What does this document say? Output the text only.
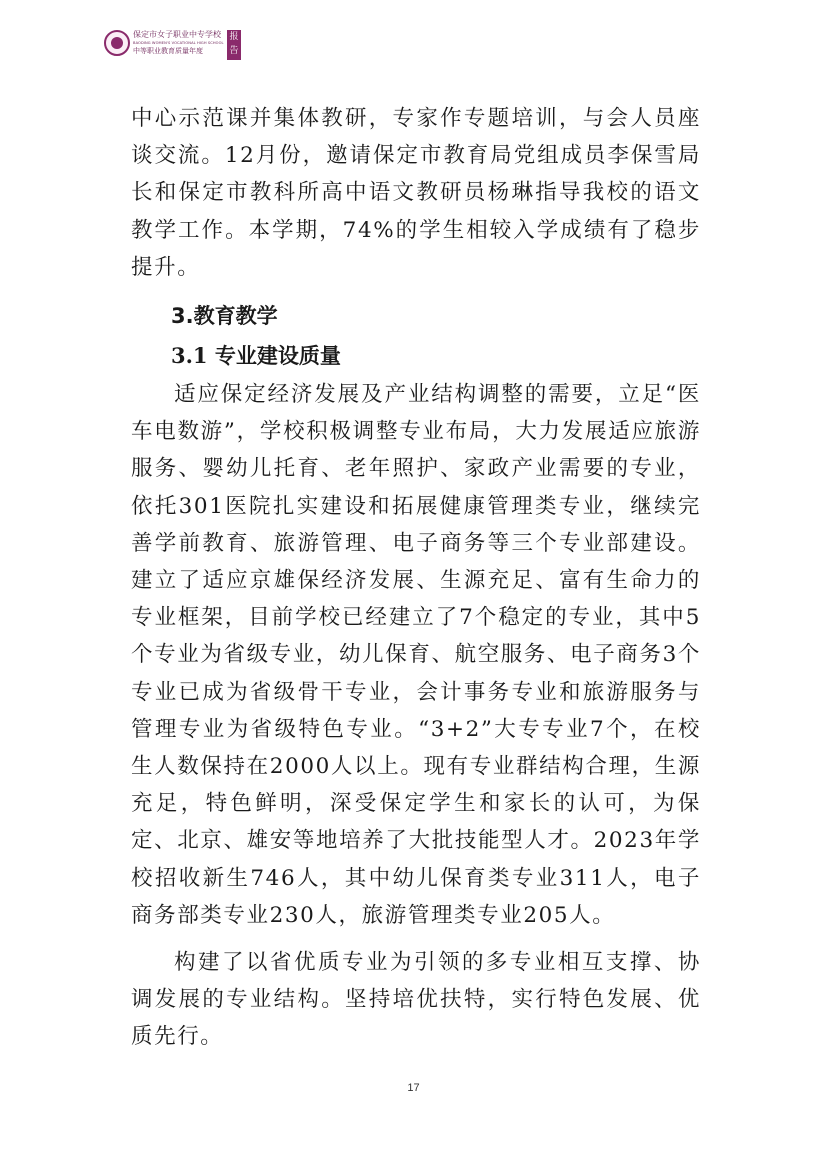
保定市女子职业中专学校
BAODING WOMEN'S VOCATIONAL HIGH SCHOOL
中等职业教育质量年度
报告

中心示范课并集体教研，专家作专题培训，与会人员座谈交流。12月份，邀请保定市教育局党组成员李保雪局长和保定市教科所高中语文教研员杨琳指导我校的语文教学工作。本学期，74%的学生相较入学成绩有了稳步提升。

3.教育教学
3.1 专业建设质量

适应保定经济发展及产业结构调整的需要，立足“医车电数游”，学校积极调整专业布局，大力发展适应旅游服务、婴幼儿托育、老年照护、家政产业需要的专业，依托301医院扎实建设和拓展健康管理类专业，继续完善学前教育、旅游管理、电子商务等三个专业部建设。建立了适应京雄保经济发展、生源充足、富有生命力的专业框架，目前学校已经建立了7个稳定的专业，其中5个专业为省级专业，幼儿保育、航空服务、电子商务3个专业已成为省级骨干专业，会计事务专业和旅游服务与管理专业为省级特色专业。“3+2”大专专业7个，在校生人数保持在2000人以上。现有专业群结构合理，生源充足，特色鲜明，深受保定学生和家长的认可，为保定、北京、雄安等地培养了大批技能型人才。2023年学校招收新生746人，其中幼儿保育类专业311人，电子商务部类专业230人，旅游管理类专业205人。

构建了以省优质专业为引领的多专业相互支撑、协调发展的专业结构。坚持培优扶特，实行特色发展、优质先行。

17
